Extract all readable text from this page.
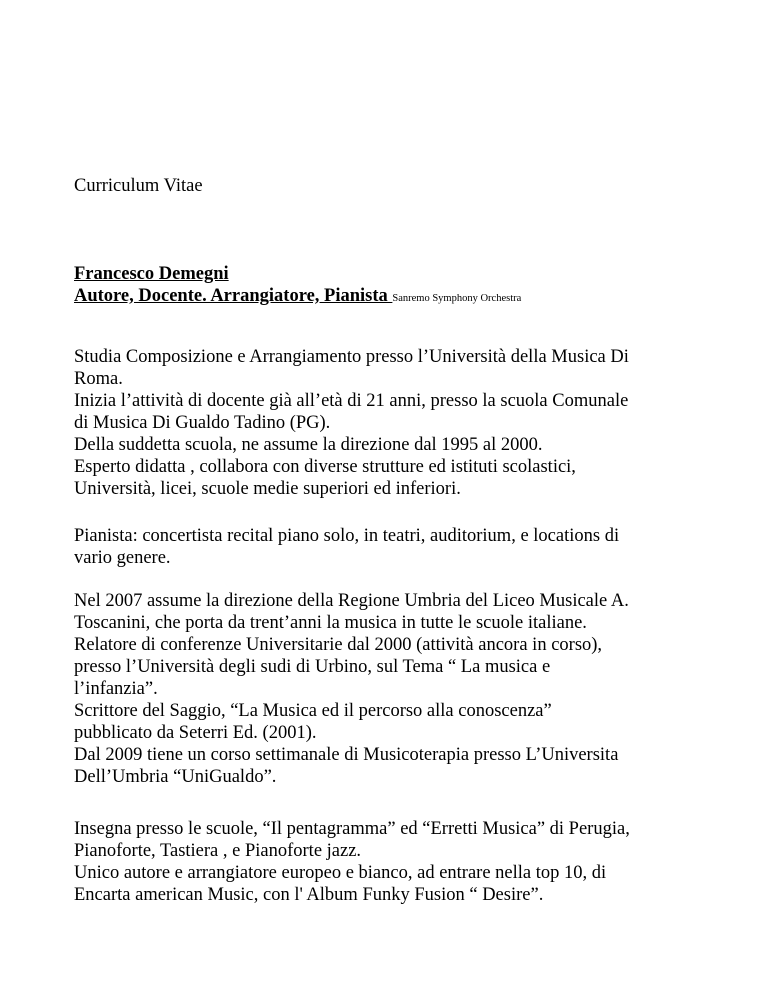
Curriculum Vitae
Francesco Demegni
Autore, Docente. Arrangiatore, Pianista Sanremo Symphony Orchestra
Studia Composizione e Arrangiamento presso l’Università della Musica Di
Roma.
Inizia l’attività di docente già all’età di 21 anni, presso la scuola Comunale
di Musica Di Gualdo Tadino (PG).
Della suddetta scuola, ne assume la direzione dal 1995 al 2000.
Esperto didatta , collabora con diverse strutture ed istituti scolastici,
Università, licei, scuole medie superiori ed inferiori.
Pianista: concertista recital piano solo, in teatri, auditorium, e locations di
vario genere.
Nel 2007 assume la direzione della Regione Umbria del Liceo Musicale A.
Toscanini, che porta da trent’anni la musica in tutte le scuole italiane.
Relatore di conferenze Universitarie dal 2000 (attività ancora in corso),
presso l’Università degli sudi di Urbino, sul Tema “ La musica e
l’infanzia”.
Scrittore del Saggio, “La Musica ed il percorso alla conoscenza”
pubblicato da Seterri Ed. (2001).
Dal 2009 tiene un corso settimanale di Musicoterapia presso L’Universita
Dell’Umbria “UniGualdo”.
Insegna presso le scuole, “Il pentagramma” ed “Erretti Musica” di Perugia,
Pianoforte, Tastiera , e Pianoforte jazz.
Unico autore e arrangiatore europeo e bianco, ad entrare nella top 10, di
Encarta american Music, con l' Album Funky Fusion “ Desire”.
